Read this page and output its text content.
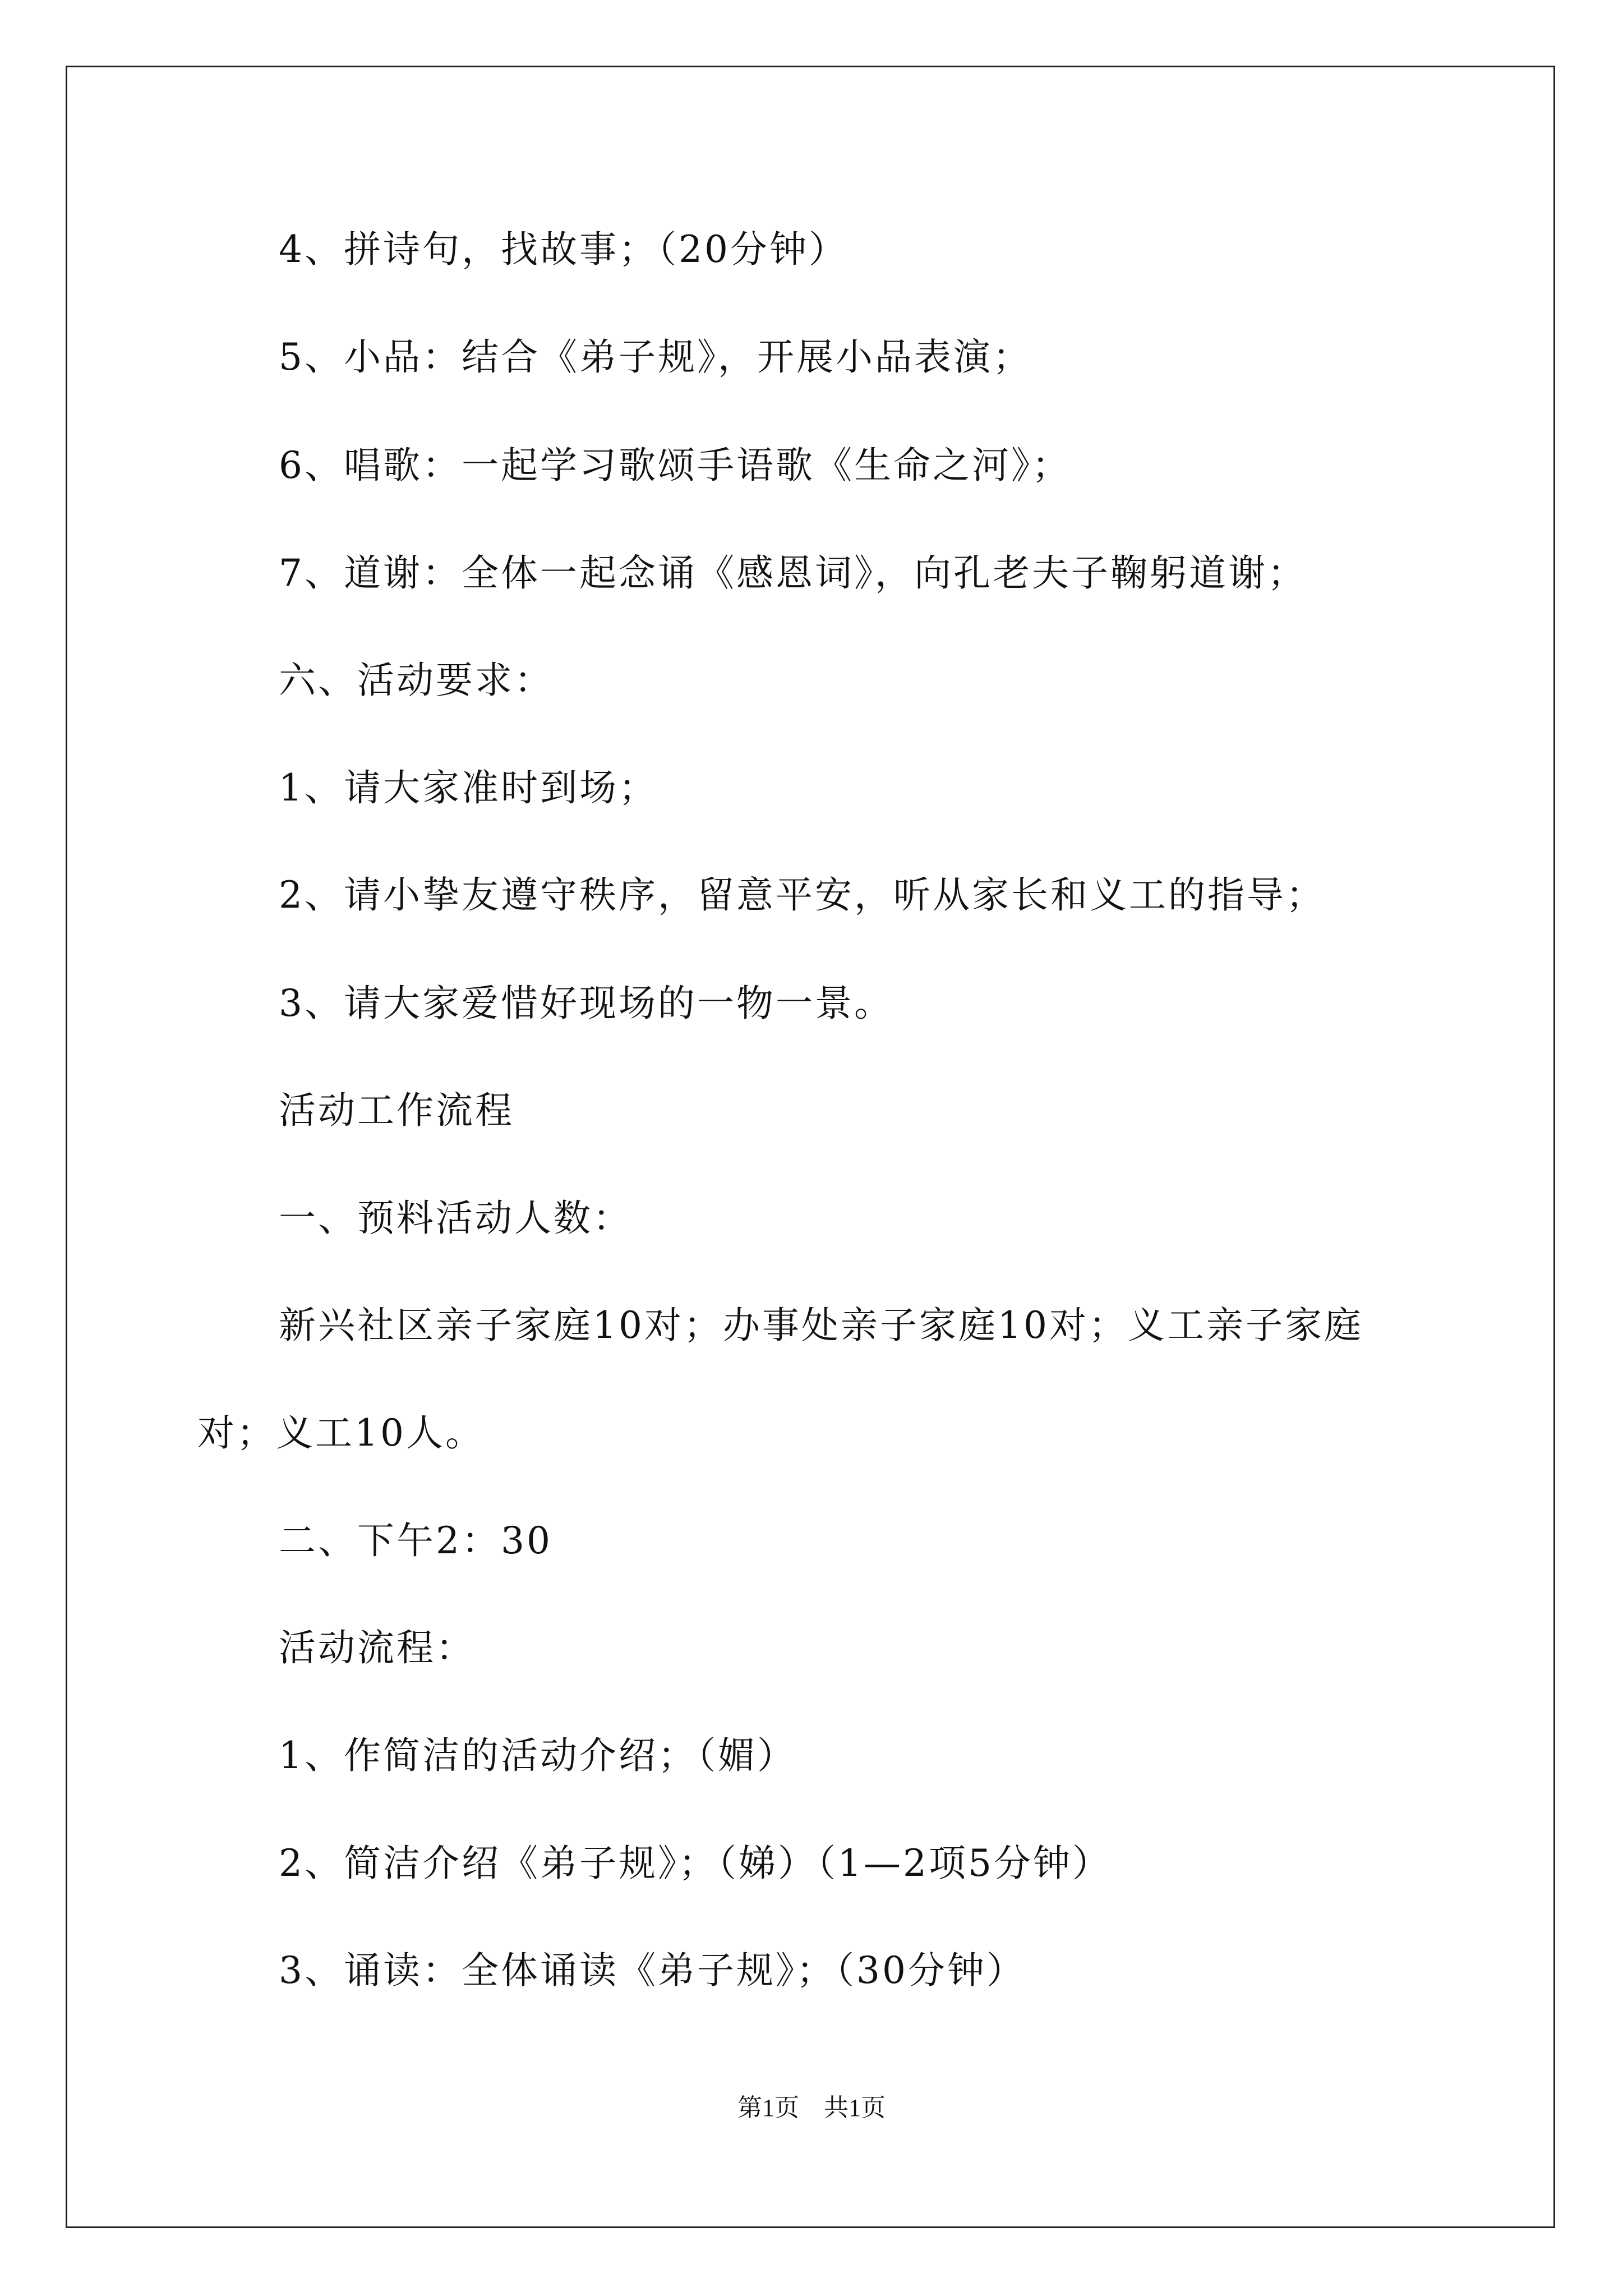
4、拼诗句，找故事；（20分钟）
5、小品：结合《弟子规》，开展小品表演；
6、唱歌：一起学习歌颂手语歌《生命之河》；
7、道谢：全体一起念诵《感恩词》，向孔老夫子鞠躬道谢；
六、活动要求：
1、请大家准时到场；
2、请小挚友遵守秩序，留意平安，听从家长和义工的指导；
3、请大家爱惜好现场的一物一景。
活动工作流程
一、预料活动人数：
新兴社区亲子家庭10对；办事处亲子家庭10对；义工亲子家庭
对；义工10人。
二、下午2：30
活动流程：
1、作简洁的活动介绍；（媚）
2、简洁介绍《弟子规》；（娣）（1—2项5分钟）
3、诵读：全体诵读《弟子规》；（30分钟）
第1页　共1页
